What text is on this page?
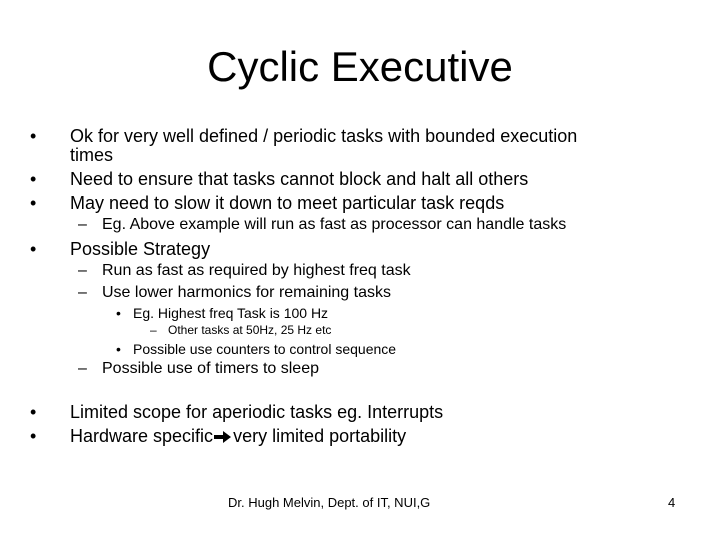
Cyclic Executive
• Ok for very well defined / periodic tasks with bounded execution
times
• Need to ensure that tasks cannot block and halt all others
• May need to slow it down to meet particular task reqds
– Eg. Above example will run as fast as processor can handle tasks
• Possible Strategy
– Run as fast as required by highest freq task
– Use lower harmonics for remaining tasks
• Eg. Highest freq Task is 100 Hz
– Other tasks at 50Hz, 25 Hz etc
• Possible use counters to control sequence
– Possible use of timers to sleep
• Limited scope for aperiodic tasks eg. Interrupts
• Hardware specific very limited portability
Dr. Hugh Melvin, Dept. of IT, NUI,G	4
